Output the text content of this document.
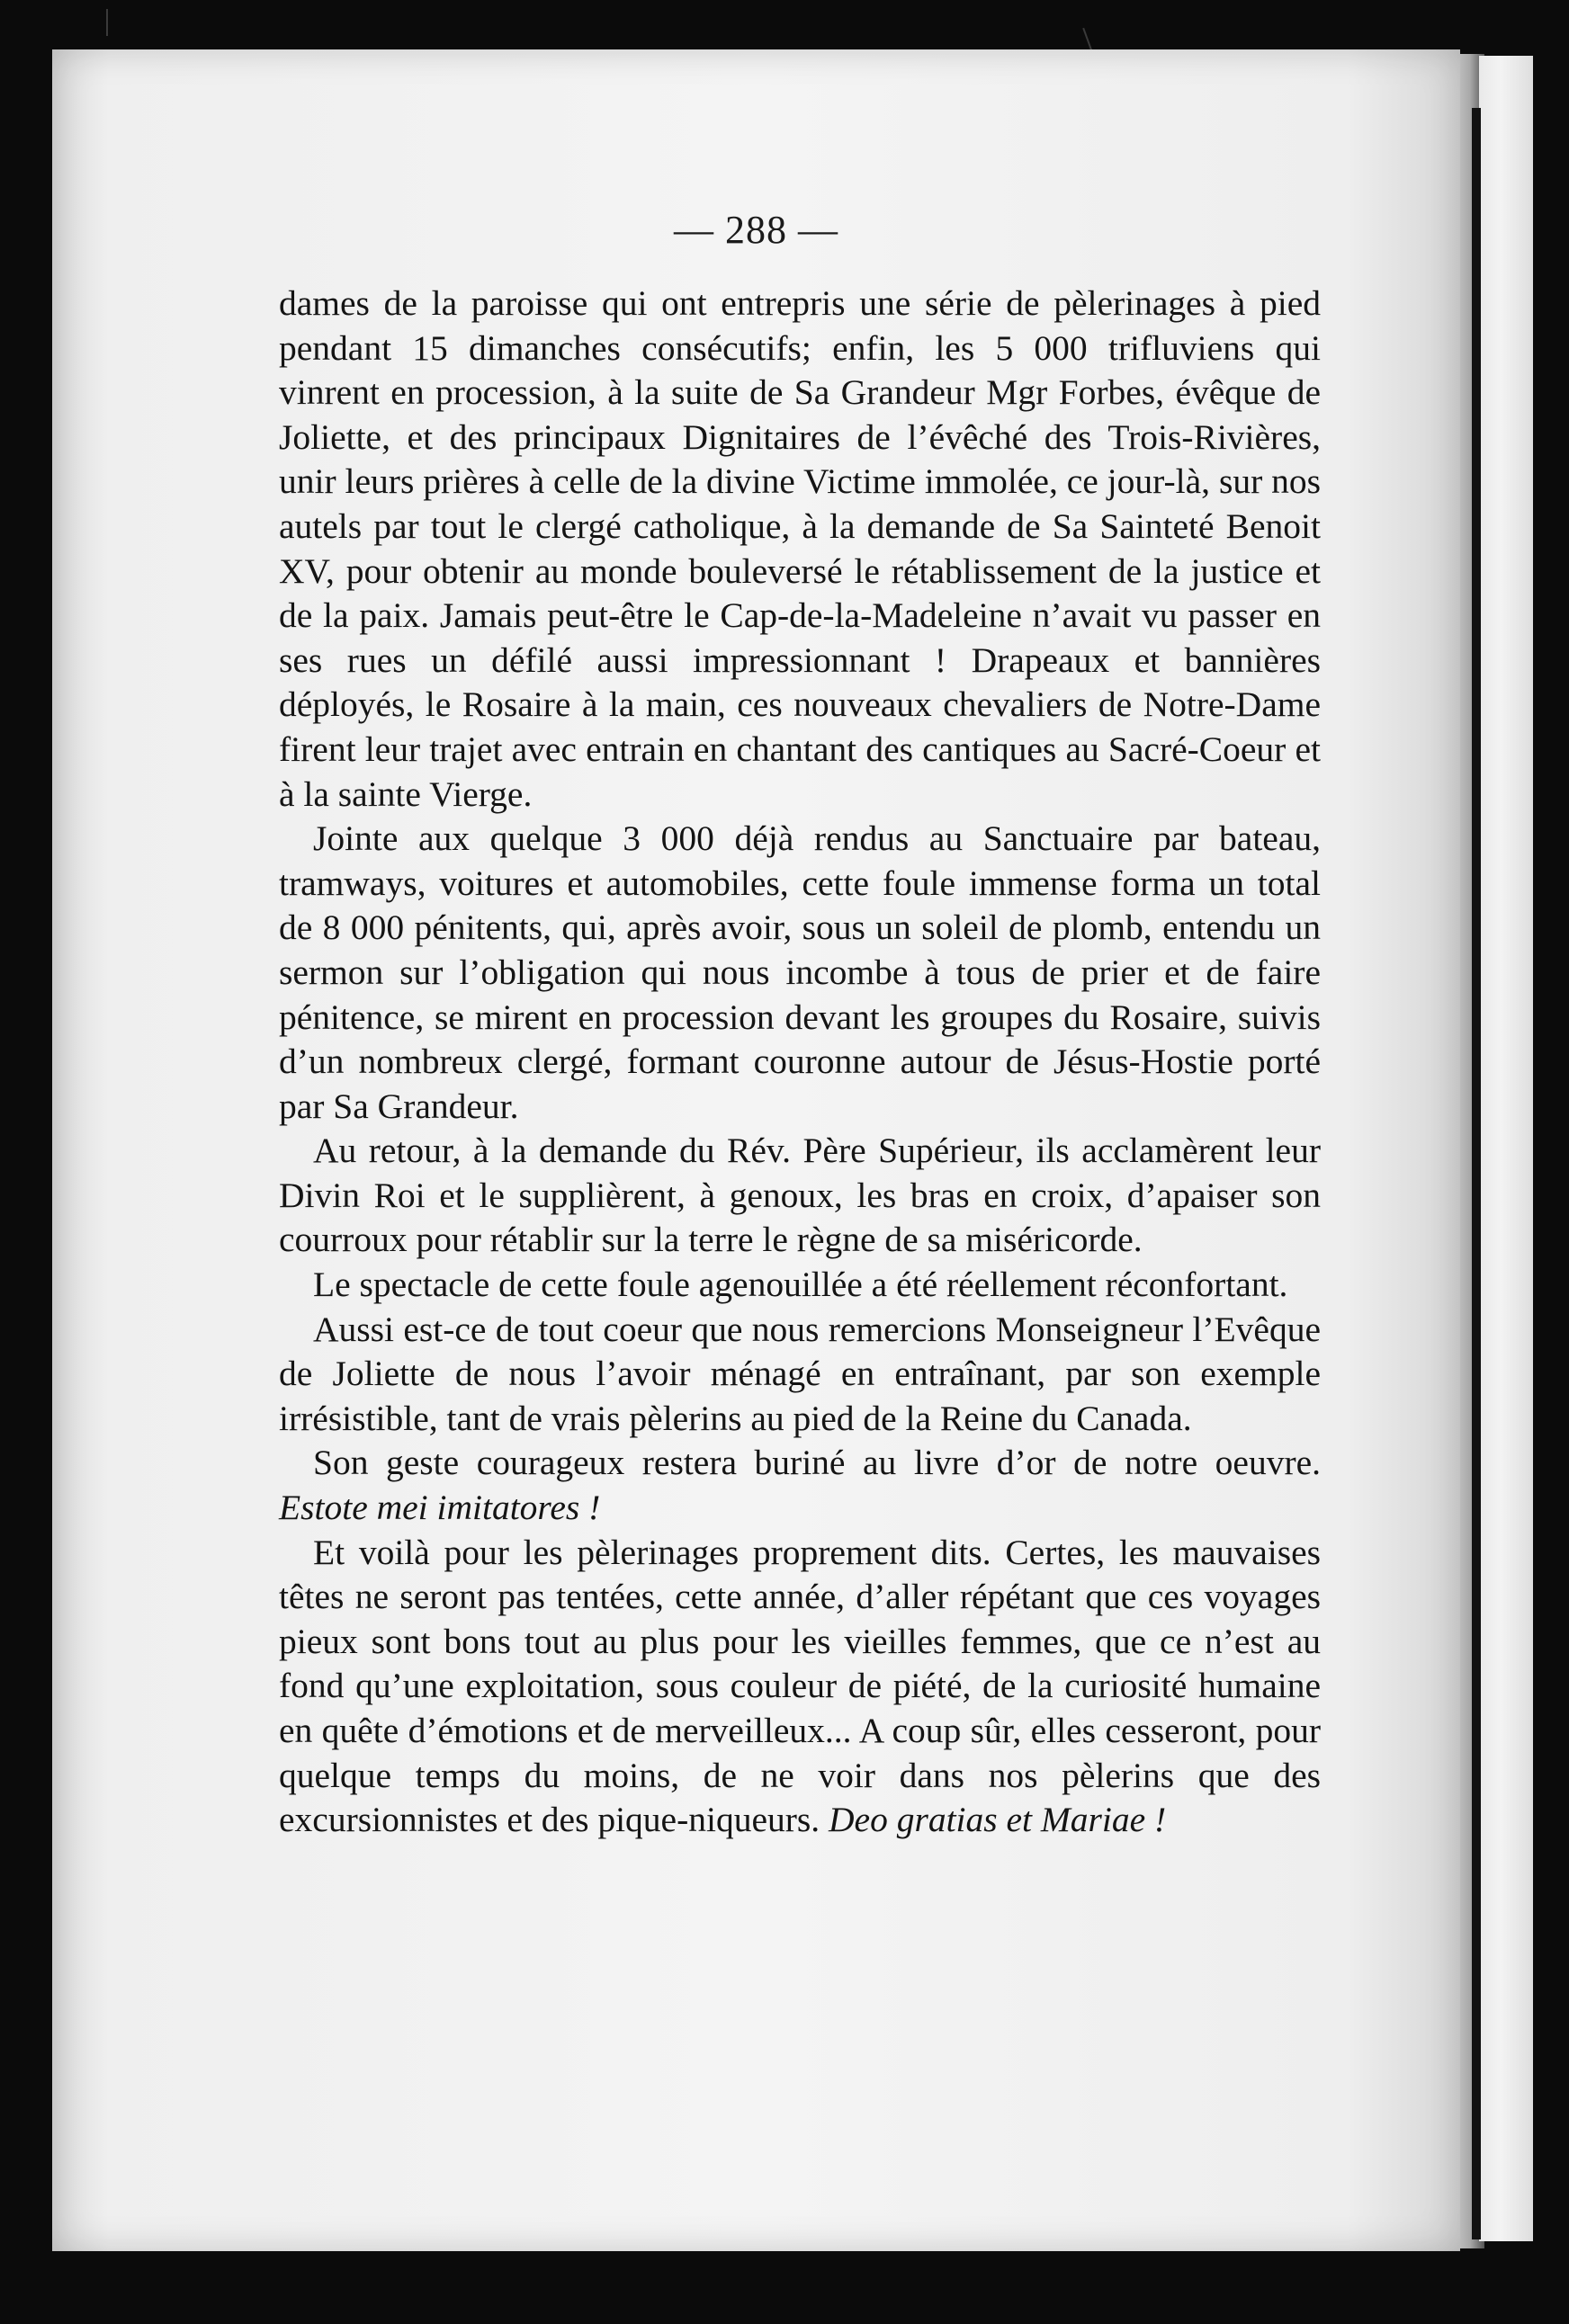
— 288 —

dames de la paroisse qui ont entrepris une série de pèlerinages à pied pendant 15 dimanches consécutifs; enfin, les 5 000 trifluviens qui vinrent en procession, à la suite de Sa Grandeur Mgr Forbes, évêque de Joliette, et des principaux Dignitaires de l’évêché des Trois-Rivières, unir leurs prières à celle de la divine Victime immolée, ce jour-là, sur nos autels par tout le clergé catholique, à la demande de Sa Sainteté Benoit XV, pour obtenir au monde bouleversé le rétablissement de la justice et de la paix. Jamais peut-être le Cap-de-la-Madeleine n’avait vu passer en ses rues un défilé aussi impressionnant ! Drapeaux et bannières déployés, le Rosaire à la main, ces nouveaux chevaliers de Notre-Dame firent leur trajet avec entrain en chantant des cantiques au Sacré-Coeur et à la sainte Vierge.

Jointe aux quelque 3 000 déjà rendus au Sanctuaire par bateau, tramways, voitures et automobiles, cette foule immense forma un total de 8 000 pénitents, qui, après avoir, sous un soleil de plomb, entendu un sermon sur l’obligation qui nous incombe à tous de prier et de faire pénitence, se mirent en procession devant les groupes du Rosaire, suivis d’un nombreux clergé, formant couronne autour de Jésus-Hostie porté par Sa Grandeur.

Au retour, à la demande du Rév. Père Supérieur, ils acclamèrent leur Divin Roi et le supplièrent, à genoux, les bras en croix, d’apaiser son courroux pour rétablir sur la terre le règne de sa miséricorde.

Le spectacle de cette foule agenouillée a été réellement réconfortant.

Aussi est-ce de tout coeur que nous remercions Monseigneur l’Evêque de Joliette de nous l’avoir ménagé en entraînant, par son exemple irrésistible, tant de vrais pèlerins au pied de la Reine du Canada.

Son geste courageux restera buriné au livre d’or de notre oeuvre. Estote mei imitatores !

Et voilà pour les pèlerinages proprement dits. Certes, les mauvaises têtes ne seront pas tentées, cette année, d’aller répétant que ces voyages pieux sont bons tout au plus pour les vieilles femmes, que ce n’est au fond qu’une exploitation, sous couleur de piété, de la curiosité humaine en quête d’émotions et de merveilleux... A coup sûr, elles cesseront, pour quelque temps du moins, de ne voir dans nos pèlerins que des excursionnistes et des pique-niqueurs. Deo gratias et Mariae !
